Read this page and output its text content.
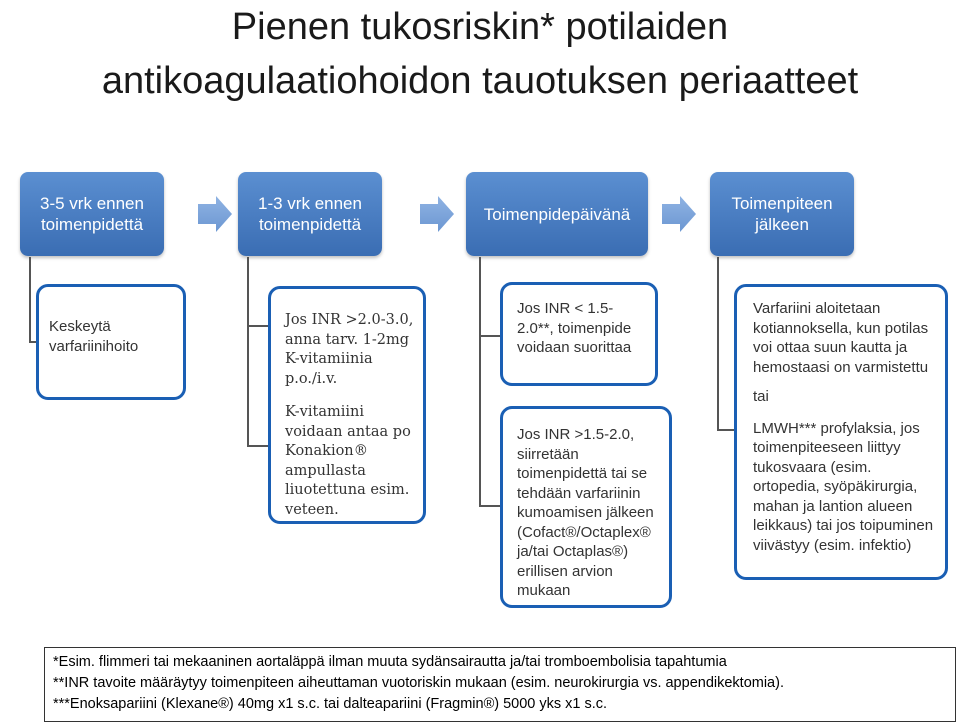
Pienen tukosriskin* potilaiden
antikoagulaatiohoidon tauotuksen periaatteet
3-5 vrk ennen
toimenpidettä
1-3 vrk ennen
toimenpidettä
Toimenpidepäivänä
Toimenpiteen
jälkeen

Keskeytä varfariinihoito

Jos INR >2.0-3.0, anna tarv. 1-2mg K-vitamiinia p.o./i.v.

K-vitamiini voidaan antaa po Konakion® ampullasta liuotettuna esim. veteen.

Jos INR < 1.5-2.0**, toimenpide voidaan suorittaa

Jos INR >1.5-2.0, siirretään toimenpidettä tai se tehdään varfariinin kumoamisen jälkeen (Cofact®/Octaplex® ja/tai Octaplas®) erillisen arvion mukaan

Varfariini aloitetaan kotiannoksella, kun potilas voi ottaa suun kautta ja hemostaasi on varmistettu

tai

LMWH*** profylaksia, jos toimenpiteeseen liittyy tukosvaara (esim. ortopedia, syöpäkirurgia, mahan ja lantion alueen leikkaus) tai jos toipuminen viivästyy (esim. infektio)

*Esim. flimmeri tai mekaaninen aortaläppä ilman muuta sydänsairautta ja/tai tromboembolisia tapahtumia
**INR tavoite määräytyy toimenpiteen aiheuttaman vuotoriskin mukaan (esim. neurokirurgia vs. appendikektomia).
***Enoksapariini (Klexane®) 40mg x1 s.c. tai dalteapariini (Fragmin®) 5000 yks x1 s.c.
